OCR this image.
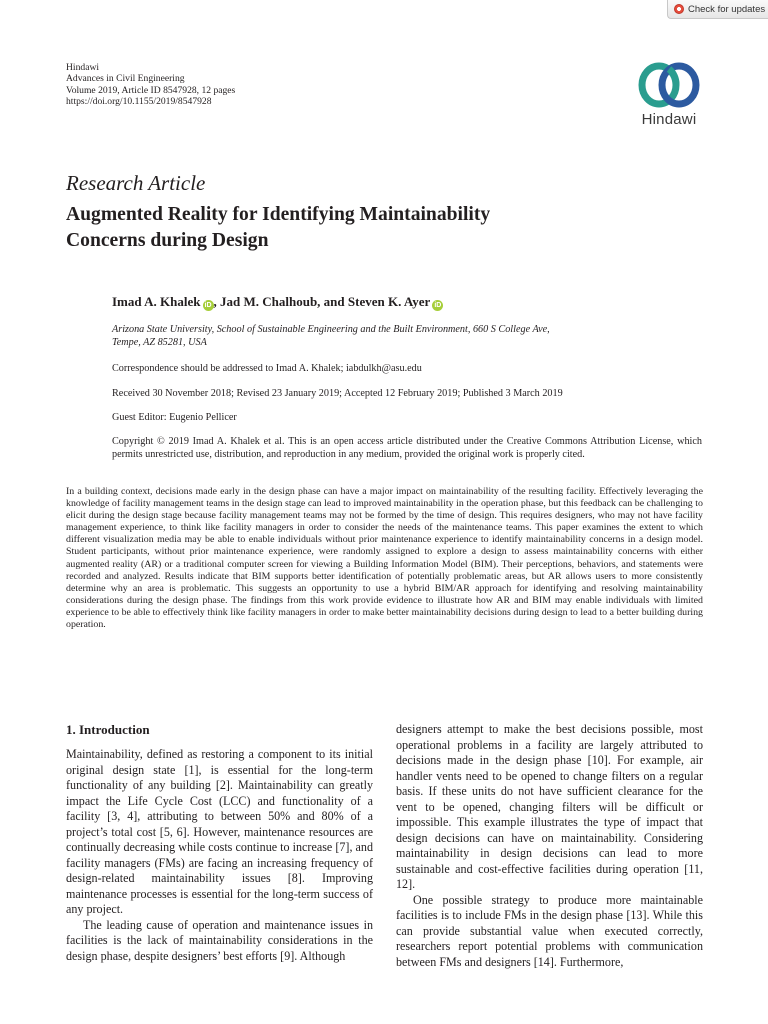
Check for updates
Hindawi
Advances in Civil Engineering
Volume 2019, Article ID 8547928, 12 pages
https://doi.org/10.1155/2019/8547928
Hindawi
Research Article
Augmented Reality for Identifying Maintainability
Concerns during Design
Imad A. Khalek iD , Jad M. Chalhoub, and Steven K. Ayer iD
Arizona State University, School of Sustainable Engineering and the Built Environment, 660 S College Ave,
Tempe, AZ 85281, USA
Correspondence should be addressed to Imad A. Khalek; iabdulkh@asu.edu
Received 30 November 2018; Revised 23 January 2019; Accepted 12 February 2019; Published 3 March 2019
Guest Editor: Eugenio Pellicer
Copyright © 2019 Imad A. Khalek et al. This is an open access article distributed under the Creative Commons Attribution License, which permits unrestricted use, distribution, and reproduction in any medium, provided the original work is properly cited.
In a building context, decisions made early in the design phase can have a major impact on maintainability of the resulting facility. Effectively leveraging the knowledge of facility management teams in the design stage can lead to improved maintainability in the operation phase, but this feedback can be challenging to elicit during the design stage because facility management teams may not be formed by the time of design. This requires designers, who may not have facility management experience, to think like facility managers in order to consider the needs of the maintenance teams. This paper examines the extent to which different visualization media may be able to enable individuals without prior maintenance experience to identify maintainability concerns in a design model. Student participants, without prior maintenance experience, were randomly assigned to explore a design to assess maintainability concerns with either augmented reality (AR) or a traditional computer screen for viewing a Building Information Model (BIM). Their perceptions, behaviors, and statements were recorded and analyzed. Results indicate that BIM supports better identification of potentially problematic areas, but AR allows users to more consistently determine why an area is problematic. This suggests an opportunity to use a hybrid BIM/AR approach for identifying and resolving maintainability considerations during the design phase. The findings from this work provide evidence to illustrate how AR and BIM may enable individuals with limited experience to be able to effectively think like facility managers in order to make better maintainability decisions during design to lead to a better building during operation.
1. Introduction

Maintainability, defined as restoring a component to its initial original design state [1], is essential for the long-term functionality of any building [2]. Maintainability can greatly impact the Life Cycle Cost (LCC) and functionality of a facility [3, 4], attributing to between 50% and 80% of a project’s total cost [5, 6]. However, maintenance resources are continually decreasing while costs continue to increase [7], and facility managers (FMs) are facing an increasing frequency of design-related maintainability issues [8]. Improving maintenance processes is essential for the long-term success of any project.

The leading cause of operation and maintenance issues in facilities is the lack of maintainability considerations in the design phase, despite designers’ best efforts [9]. Although

designers attempt to make the best decisions possible, most operational problems in a facility are largely attributed to decisions made in the design phase [10]. For example, air handler vents need to be opened to change filters on a regular basis. If these units do not have sufficient clearance for the vent to be opened, changing filters will be difficult or impossible. This example illustrates the type of impact that design decisions can have on maintainability. Considering maintainability in design decisions can lead to more sustainable and cost-effective facilities during operation [11, 12].

One possible strategy to produce more maintainable facilities is to include FMs in the design phase [13]. While this can provide substantial value when executed correctly, researchers report potential problems with communication between FMs and designers [14]. Furthermore,
